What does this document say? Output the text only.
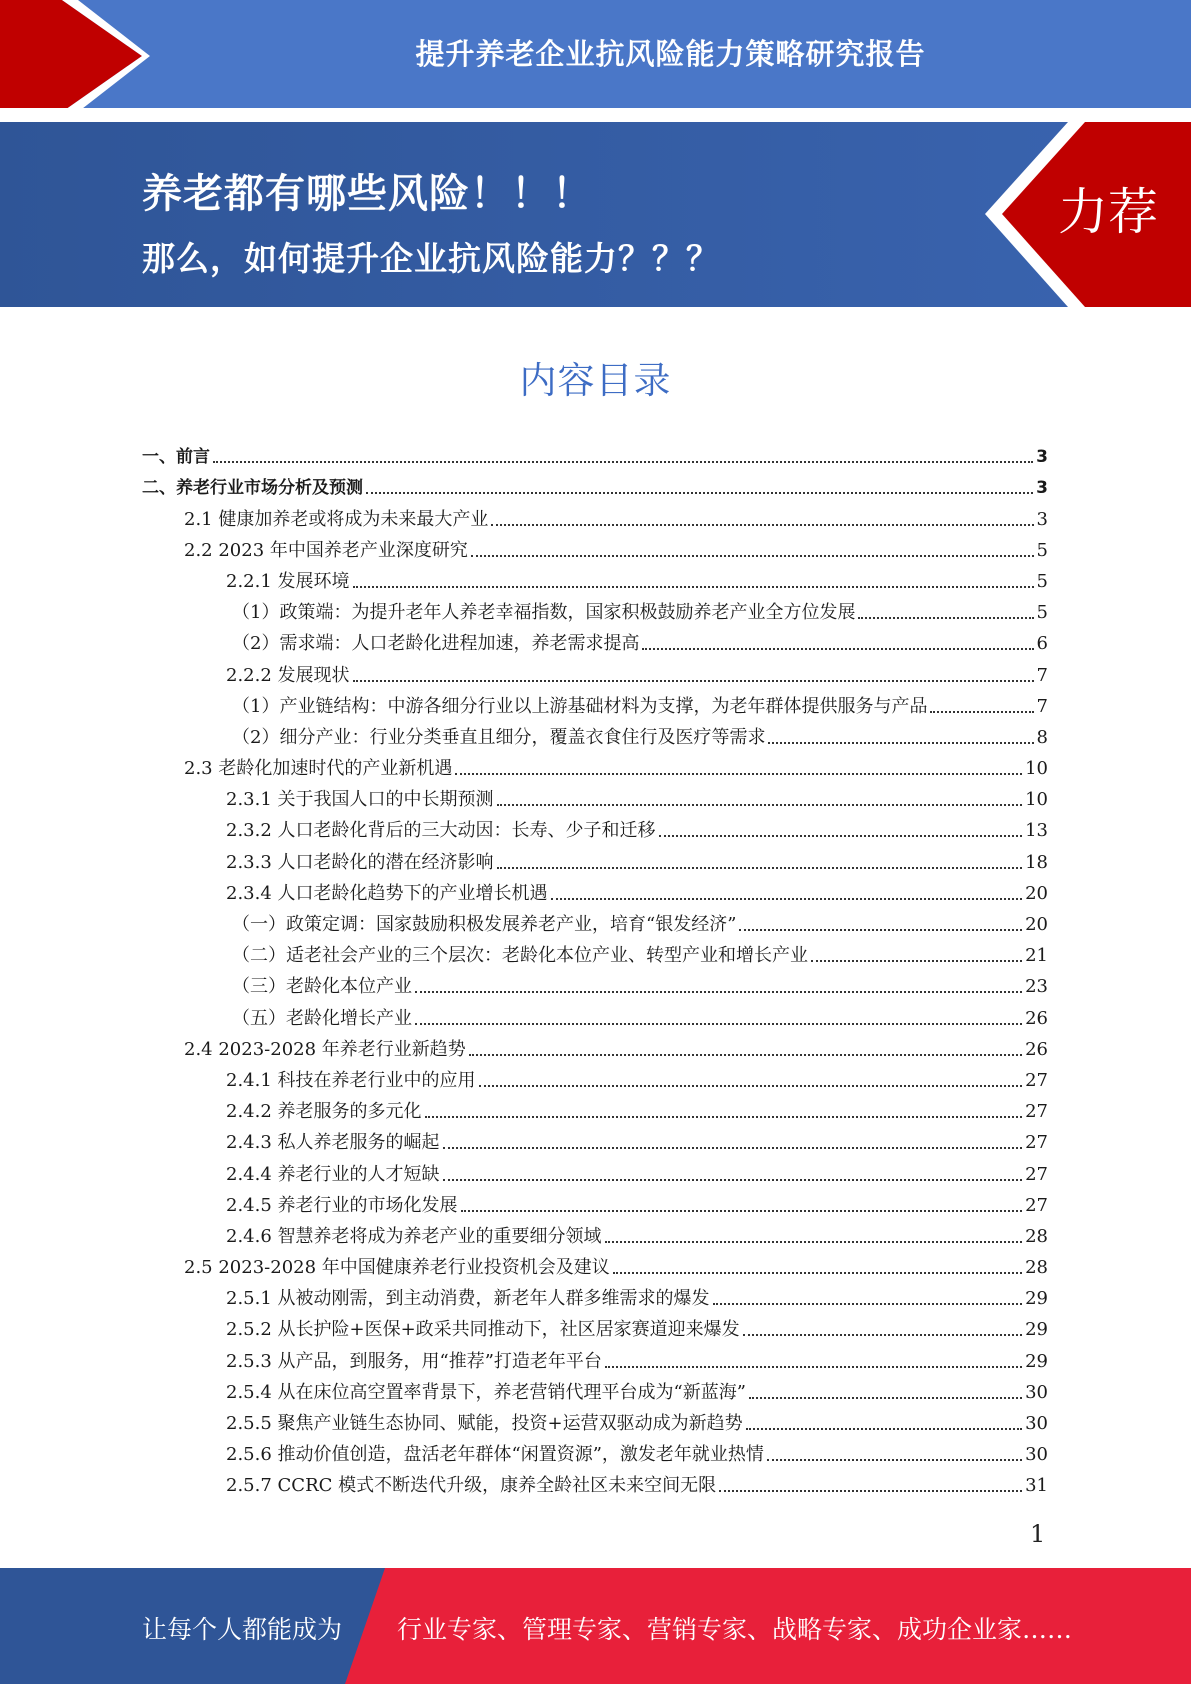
提升养老企业抗风险能力策略研究报告
养老都有哪些风险！！！
那么，如何提升企业抗风险能力？？？
力荐
内容目录
一、前言	3
二、养老行业市场分析及预测	3
2.1 健康加养老或将成为未来最大产业	3
2.2 2023 年中国养老产业深度研究	5
2.2.1 发展环境	5
（1）政策端：为提升老年人养老幸福指数，国家积极鼓励养老产业全方位发展	5
（2）需求端：人口老龄化进程加速，养老需求提高	6
2.2.2 发展现状	7
（1）产业链结构：中游各细分行业以上游基础材料为支撑，为老年群体提供服务与产品	7
（2）细分产业：行业分类垂直且细分，覆盖衣食住行及医疗等需求	8
2.3 老龄化加速时代的产业新机遇	10
2.3.1 关于我国人口的中长期预测	10
2.3.2 人口老龄化背后的三大动因：长寿、少子和迁移	13
2.3.3 人口老龄化的潜在经济影响	18
2.3.4 人口老龄化趋势下的产业增长机遇	20
（一）政策定调：国家鼓励积极发展养老产业，培育“银发经济”	20
（二）适老社会产业的三个层次：老龄化本位产业、转型产业和增长产业	21
（三）老龄化本位产业	23
（五）老龄化增长产业	26
2.4 2023-2028 年养老行业新趋势	26
2.4.1 科技在养老行业中的应用	27
2.4.2 养老服务的多元化	27
2.4.3 私人养老服务的崛起	27
2.4.4 养老行业的人才短缺	27
2.4.5 养老行业的市场化发展	27
2.4.6 智慧养老将成为养老产业的重要细分领域	28
2.5 2023-2028 年中国健康养老行业投资机会及建议	28
2.5.1 从被动刚需，到主动消费，新老年人群多维需求的爆发	29
2.5.2 从长护险+医保+政采共同推动下，社区居家赛道迎来爆发	29
2.5.3 从产品，到服务，用“推荐”打造老年平台	29
2.5.4 从在床位高空置率背景下，养老营销代理平台成为“新蓝海”	30
2.5.5 聚焦产业链生态协同、赋能，投资+运营双驱动成为新趋势	30
2.5.6 推动价值创造，盘活老年群体“闲置资源”，激发老年就业热情	30
2.5.7 CCRC 模式不断迭代升级，康养全龄社区未来空间无限	31
1
让每个人都能成为 行业专家、管理专家、营销专家、战略专家、成功企业家……
